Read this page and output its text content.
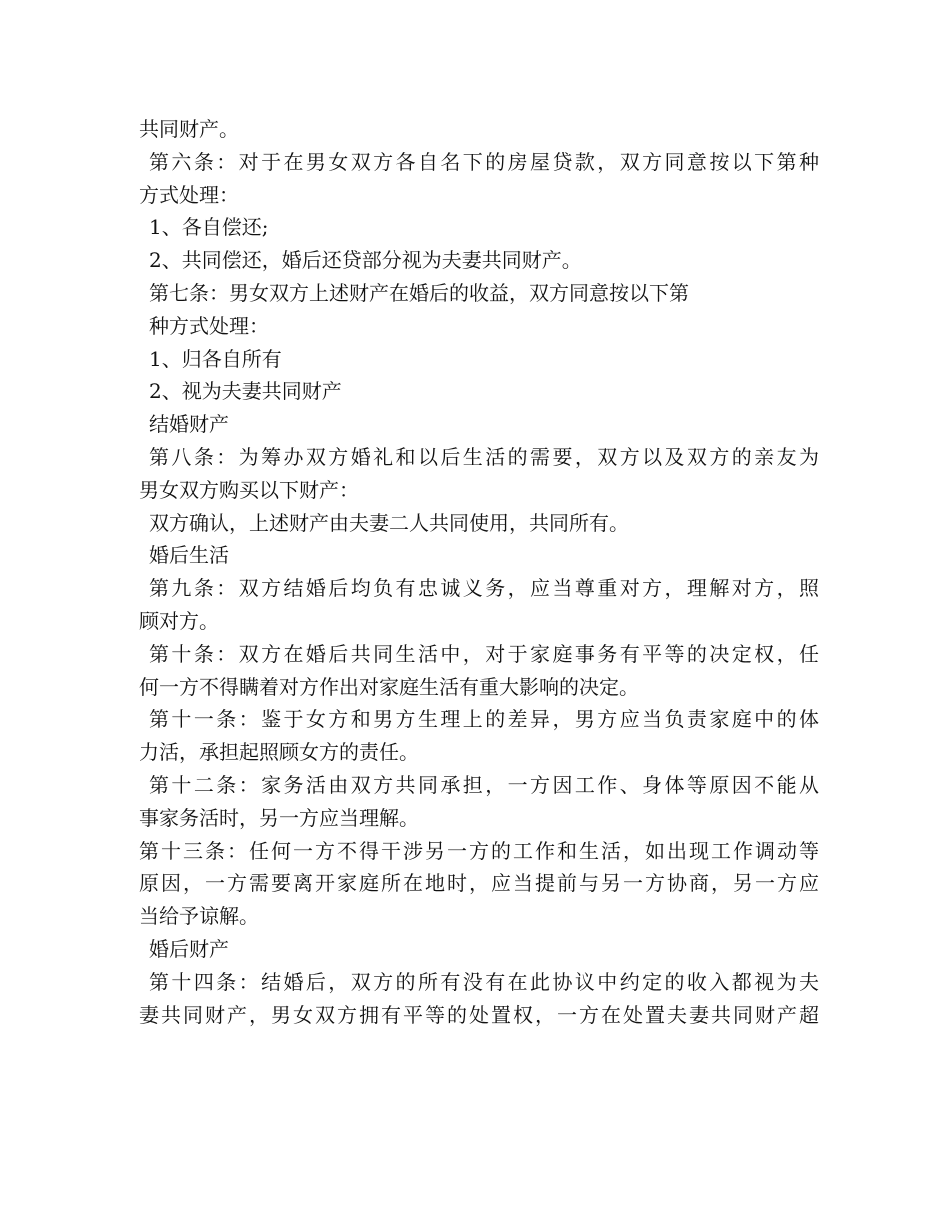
共同财产。
第六条：对于在男女双方各自名下的房屋贷款，双方同意按以下第种
方式处理：
1、各自偿还;
2、共同偿还，婚后还贷部分视为夫妻共同财产。
第七条：男女双方上述财产在婚后的收益，双方同意按以下第
种方式处理：
1、归各自所有
2、视为夫妻共同财产
结婚财产
第八条：为筹办双方婚礼和以后生活的需要，双方以及双方的亲友为
男女双方购买以下财产：
双方确认，上述财产由夫妻二人共同使用，共同所有。
婚后生活
第九条：双方结婚后均负有忠诚义务，应当尊重对方，理解对方，照
顾对方。
第十条：双方在婚后共同生活中，对于家庭事务有平等的决定权，任
何一方不得瞒着对方作出对家庭生活有重大影响的决定。
第十一条：鉴于女方和男方生理上的差异，男方应当负责家庭中的体
力活，承担起照顾女方的责任。
第十二条：家务活由双方共同承担，一方因工作、身体等原因不能从
事家务活时，另一方应当理解。
第十三条：任何一方不得干涉另一方的工作和生活，如出现工作调动等
原因，一方需要离开家庭所在地时，应当提前与另一方协商，另一方应
当给予谅解。
婚后财产
第十四条：结婚后，双方的所有没有在此协议中约定的收入都视为夫
妻共同财产，男女双方拥有平等的处置权，一方在处置夫妻共同财产超
